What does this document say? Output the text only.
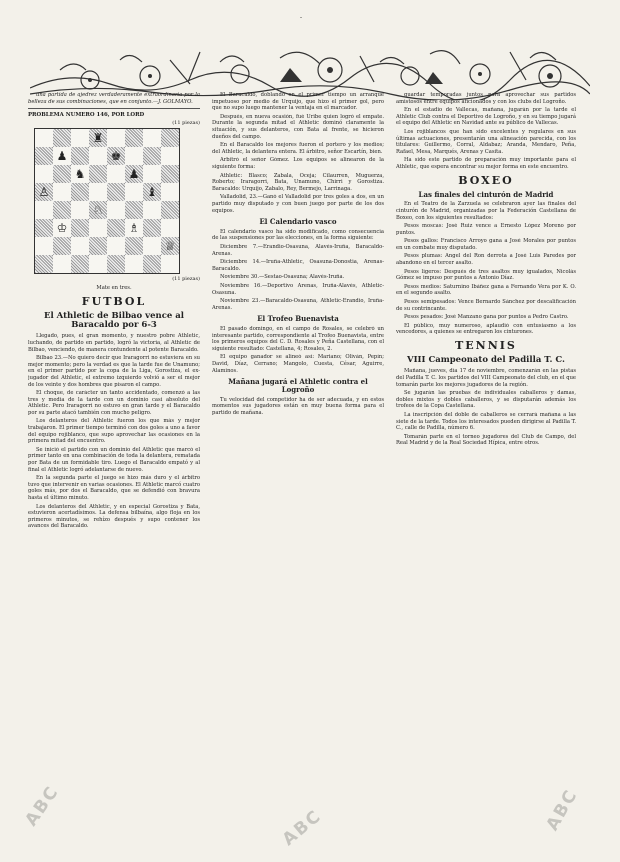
-

una partida de ajedrez verdaderamente extraordinaria por la belleza de sus combinaciones, que en conjunto.—J. GOLMAYO.

PROBLEMA NUMERO 146, POR LORD
(11 piezas)
♜
♟	♚
♞	♟
♙	♝
♘
♔	♗
♕
(11 piezas)
Mate en tres.
FUTBOL
El Athletic de Bilbao vence al Baracaldo por 6-3

Llegado, pues, el gran momento, y nuestro pobre Athletic, luchando, de partido en partido, logró la victoria, al Athletic de Bilbao, venciendo, de manera contundente al potente Baracaldo.

Bilbao 23.—No quiero decir que Iraragorri no estuviera en su mejor momento; pero la verdad es que la tarde fue de Unamuno; en el primer partido por la copa de la Liga, Gorostiza, el ex-jugador del Athletic, el extremo izquierdo volvió a ser el mejor de los veinte y dos hombres que pisaron el campo.

El choque, de carácter un tanto accidentado, comenzó a las tres y media de la tarde con un dominio casi absoluto del Athletic. Pero Iraragorri no estuvo en gran tarde y el Baracaldo por su parte atacó también con mucho peligro.

Los delanteros del Athletic fueron los que más y mejor trabajaron. El primer tiempo terminó con dos goles a uno a favor del equipo rojiblanco, que supo aprovechar las ocasiones en la primera mitad del encuentro.

Se inició el partido con un dominio del Athletic que marcó el primer tanto en una combinación de toda la delantera, rematada por Bata de un formidable tiro. Luego el Baracaldo empató y al final el Athletic logró adelantarse de nuevo.

En la segunda parte el juego se hizo más duro y el árbitro tuvo que intervenir en varias ocasiones. El Athletic marcó cuatro goles más, por dos el Baracaldo, que se defendió con bravura hasta el último minuto.

Los delanteros del Athletic, y en especial Gorostiza y Bata, estuvieron acertadísimos. La defensa bilbaína, algo floja en los primeros minutos, se rehízo después y supo contener los avances del Baracaldo.

El Baracaldo, doblando en el primer tiempo un arranque impetuoso por medio de Urquijo, que hizo el primer gol, pero que no supo luego mantener la ventaja en el marcador.

Después, en nueva ocasión, fué Uribe quien logró el empate. Durante la segunda mitad el Athletic dominó claramente la situación, y sus delanteros, con Bata al frente, se hicieron dueños del campo.

En el Baracaldo los mejores fueron el portero y los medios; del Athletic, la delantera entera. El árbitro, señor Escartín, bien.

Arbitró el señor Gómez. Los equipos se alinearon de la siguiente forma:

Athletic: Blasco; Zabala, Oceja; Cilaurren, Muguerza, Roberto; Iraragorri, Bata, Unamuno, Chirri y Gorostiza. Baracaldo: Urquijo, Zabalo, Rey, Bermejo, Larrinaga.

Valladolid, 23.—Ganó el Valladolid por tres goles a dos, en un partido muy disputado y con buen juego por parte de los dos equipos.

El Calendario vasco

El calendario vasco ha sido modificado, como consecuencia de las suspensiones por las elecciones, en la forma siguiente:

Diciembre 7.—Erandio-Osasuna, Alavés-Iruña, Baracaldo-Arenas.

Diciembre 14.—Iruña-Athletic, Osasuna-Donostia, Arenas-Baracaldo.

Noviembre 30.—Sestao-Osasuna; Alavés-Iruña.

Noviembre 16.—Deportivo Arenas, Iruña-Alavés, Athletic-Osasuna.

Noviembre 23.—Baracaldo-Osasuna, Athletic-Erandio, Iruña-Arenas.

El Trofeo Buenavista

El pasado domingo, en el campo de Rosales, se celebró un interesante partido, correspondiente al Trofeo Buenavista, entre los primeros equipos del C. D. Rosales y Peña Castellana, con el siguiente resultado: Castellana, 4; Rosales, 2.

El equipo ganador se alineó así: Mariano; Oliván, Pepín; David, Díaz, Cerrano; Mangolo, Cuesta, César, Aguirre, Alaminos.

Mañana jugará el Athletic contra el Logroño

Tu velocidad del competidor ha de ser adecuada, y en estos momentos sus jugadores están en muy buena forma para el partido de mañana.

guardar temporadas juntos para aprovechar sus partidos amistosos entre equipos aficionados y con los clubs del Logroño.

En el estadio de Vallecas, mañana, jugarán por la tarde el Athletic Club contra el Deportivo de Logroño, y en su tiempo jugará el equipo del Athletic en Navidad ante su público de Vallecas.

Los rojiblancos que han sido excelentes y regulares en sus últimas actuaciones, presentarán una alineación parecida, con los titulares: Guillermo, Corral, Aldabaz; Aranda, Mendaro, Peña, Rafael, Mesa, Marqués, Arenas y Casita.

Ha sido este partido de preparación muy importante para el Athletic, que espera encontrar su mejor forma en este encuentro.

BOXEO
Las finales del cinturón de Madrid

En el Teatro de la Zarzuela se celebraron ayer las finales del cinturón de Madrid, organizadas por la Federación Castellana de Boxeo, con los siguientes resultados:

Pesos moscas: José Ruiz vence a Ernesto López Moreno por puntos.

Pesos gallos: Francisco Arroyo gana a José Morales por puntos en un combate muy disputado.

Pesos plumas: Ángel del Ron derrota a José Luis Paredes por abandono en el tercer asalto.

Pesos ligeros: Después de tres asaltos muy igualados, Nicolás Gómez se impuso por puntos a Antonio Díaz.

Pesos medios: Saturnino Ibáñez gana a Fernando Vera por K. O. en el segundo asalto.

Pesos semipesados: Vence Bernardo Sánchez por descalificación de su contrincante.

Pesos pesados: José Manzano gana por puntos a Pedro Castro.

El público, muy numeroso, aplaudió con entusiasmo a los vencedores, a quienes se entregaron los cinturones.

TENNIS
VIII Campeonato del Padilla T. C.

Mañana, jueves, día 17 de noviembre, comenzarán en las pistas del Padilla T. C. los partidos del VIII Campeonato del club, en el que tomarán parte los mejores jugadores de la región.

Se jugarán las pruebas de individuales caballeros y damas, dobles mixtos y dobles caballeros, y se disputarán además los trofeos de la Copa Castellana.

La inscripción del doble de caballeros se cerrará mañana a las siete de la tarde. Todos los interesados pueden dirigirse al Padilla T. C., calle de Padilla, número 6.

Tomarán parte en el torneo jugadores del Club de Campo, del Real Madrid y de la Real Sociedad Hípica, entre otros.

ABC	ABC	ABC
